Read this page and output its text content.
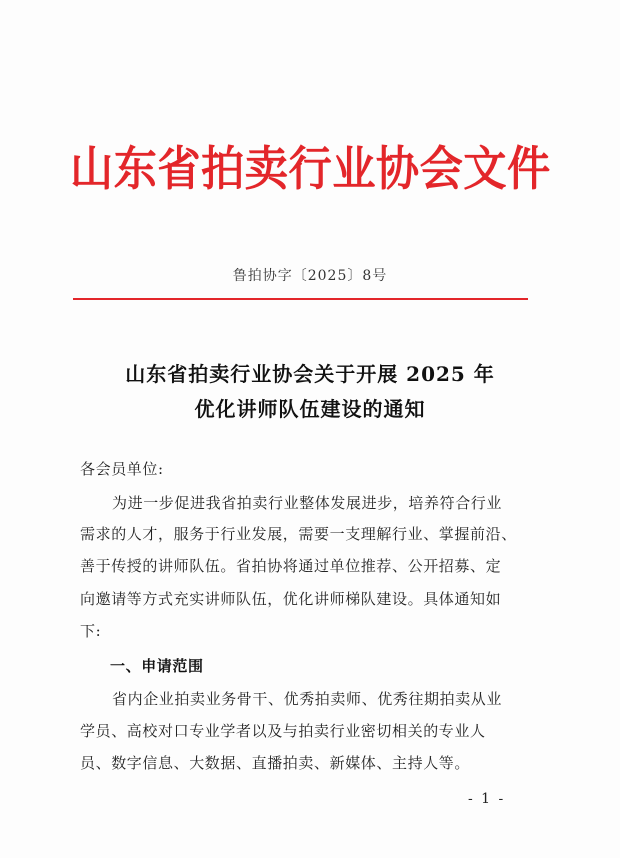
山东省拍卖行业协会文件
鲁拍协字〔2025〕8号
山东省拍卖行业协会关于开展 2025 年
优化讲师队伍建设的通知
各会员单位:
为进一步促进我省拍卖行业整体发展进步，培养符合行业
需求的人才，服务于行业发展，需要一支理解行业、掌握前沿、
善于传授的讲师队伍。省拍协将通过单位推荐、公开招募、定
向邀请等方式充实讲师队伍，优化讲师梯队建设。具体通知如
下:
一、申请范围
省内企业拍卖业务骨干、优秀拍卖师、优秀往期拍卖从业
学员、高校对口专业学者以及与拍卖行业密切相关的专业人
员、数字信息、大数据、直播拍卖、新媒体、主持人等。
- 1 -
